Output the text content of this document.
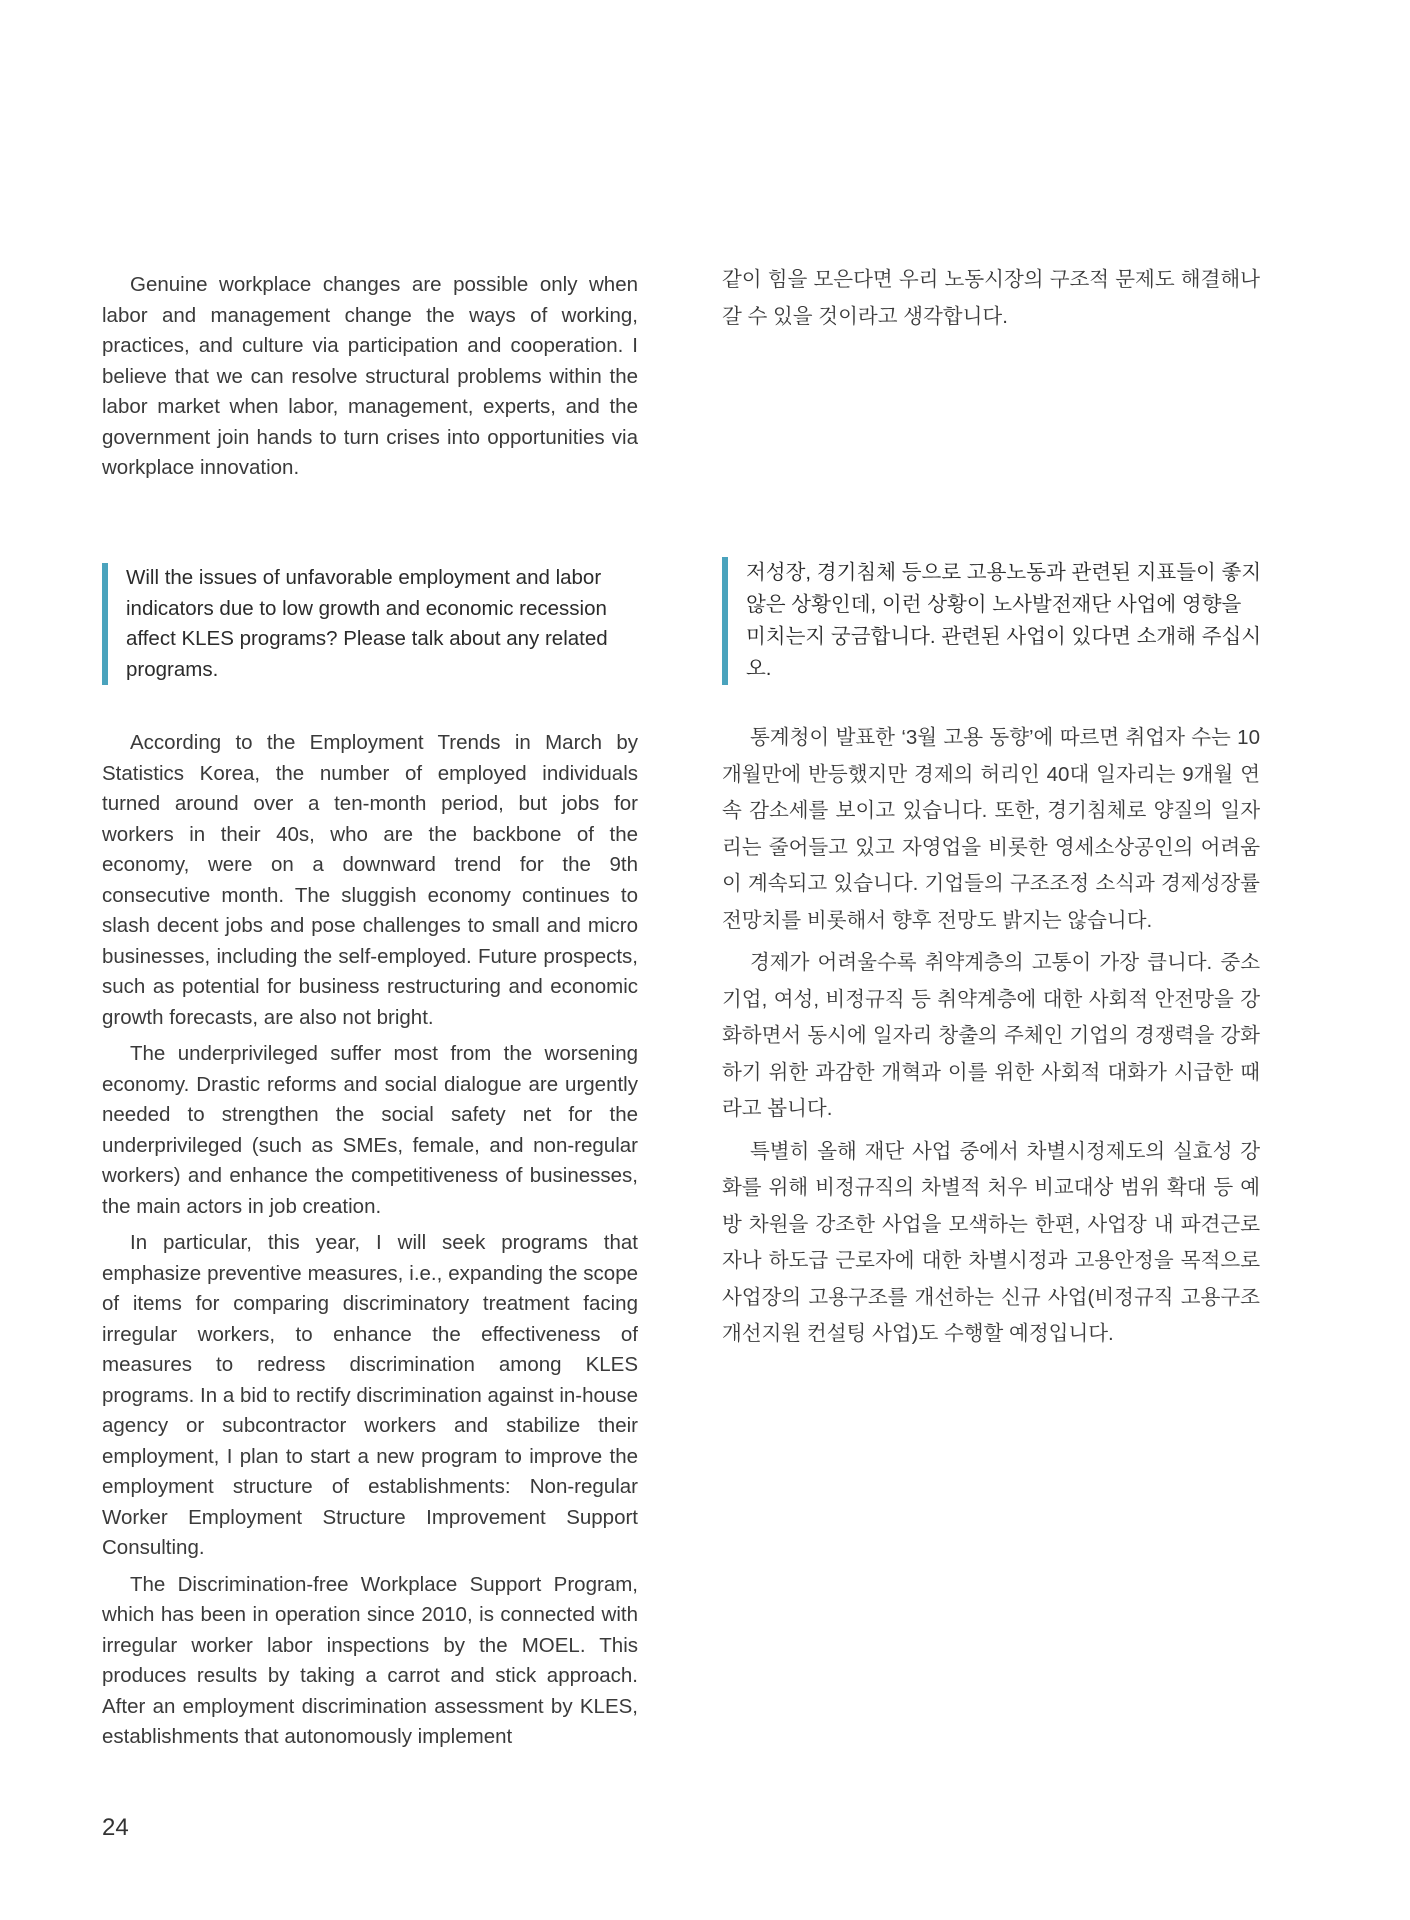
Genuine workplace changes are possible only when labor and management change the ways of working, practices, and culture via participation and cooperation. I believe that we can resolve structural problems within the labor market when labor, management, experts, and the government join hands to turn crises into opportunities via workplace innovation.

같이 힘을 모은다면 우리 노동시장의 구조적 문제도 해결해나갈 수 있을 것이라고 생각합니다.

Will the issues of unfavorable employment and labor indicators due to low growth and economic recession affect KLES programs? Please talk about any related programs.

저성장, 경기침체 등으로 고용노동과 관련된 지표들이 좋지 않은 상황인데, 이런 상황이 노사발전재단 사업에 영향을 미치는지 궁금합니다. 관련된 사업이 있다면 소개해 주십시오.

According to the Employment Trends in March by Statistics Korea, the number of employed individuals turned around over a ten-month period, but jobs for workers in their 40s, who are the backbone of the economy, were on a downward trend for the 9th consecutive month. The sluggish economy continues to slash decent jobs and pose challenges to small and micro businesses, including the self-employed. Future prospects, such as potential for business restructuring and economic growth forecasts, are also not bright.

The underprivileged suffer most from the worsening economy. Drastic reforms and social dialogue are urgently needed to strengthen the social safety net for the underprivileged (such as SMEs, female, and non-regular workers) and enhance the competitiveness of businesses, the main actors in job creation.

In particular, this year, I will seek programs that emphasize preventive measures, i.e., expanding the scope of items for comparing discriminatory treatment facing irregular workers, to enhance the effectiveness of measures to redress discrimination among KLES programs. In a bid to rectify discrimination against in-house agency or subcontractor workers and stabilize their employment, I plan to start a new program to improve the employment structure of establishments: Non-regular Worker Employment Structure Improvement Support Consulting.

The Discrimination-free Workplace Support Program, which has been in operation since 2010, is connected with irregular worker labor inspections by the MOEL. This produces results by taking a carrot and stick approach. After an employment discrimination assessment by KLES, establishments that autonomously implement

통계청이 발표한 ‘3월 고용 동향’에 따르면 취업자 수는 10개월만에 반등했지만 경제의 허리인 40대 일자리는 9개월 연속 감소세를 보이고 있습니다. 또한, 경기침체로 양질의 일자리는 줄어들고 있고 자영업을 비롯한 영세소상공인의 어려움이 계속되고 있습니다. 기업들의 구조조정 소식과 경제성장률 전망치를 비롯해서 향후 전망도 밝지는 않습니다.

경제가 어려울수록 취약계층의 고통이 가장 큽니다. 중소기업, 여성, 비정규직 등 취약계층에 대한 사회적 안전망을 강화하면서 동시에 일자리 창출의 주체인 기업의 경쟁력을 강화하기 위한 과감한 개혁과 이를 위한 사회적 대화가 시급한 때라고 봅니다.

특별히 올해 재단 사업 중에서 차별시정제도의 실효성 강화를 위해 비정규직의 차별적 처우 비교대상 범위 확대 등 예방 차원을 강조한 사업을 모색하는 한편, 사업장 내 파견근로자나 하도급 근로자에 대한 차별시정과 고용안정을 목적으로 사업장의 고용구조를 개선하는 신규 사업(비정규직 고용구조개선지원 컨설팅 사업)도 수행할 예정입니다.

24
